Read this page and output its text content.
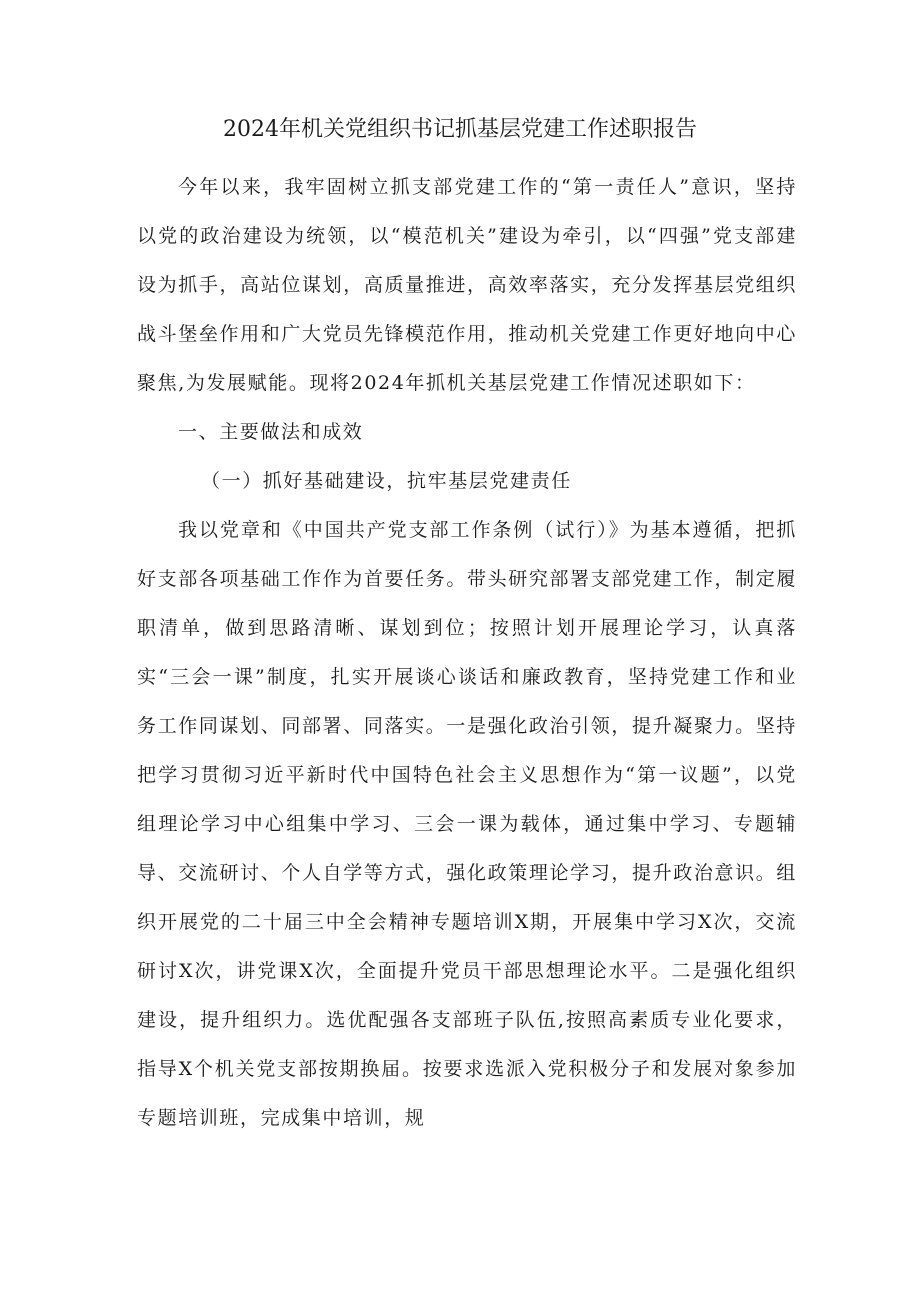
2024年机关党组织书记抓基层党建工作述职报告

今年以来，我牢固树立抓支部党建工作的“第一责任人”意识，坚持以党的政治建设为统领，以“模范机关”建设为牵引，以“四强”党支部建设为抓手，高站位谋划，高质量推进，高效率落实，充分发挥基层党组织战斗堡垒作用和广大党员先锋模范作用，推动机关党建工作更好地向中心聚焦,为发展赋能。现将2024年抓机关基层党建工作情况述职如下：

一、主要做法和成效

（一）抓好基础建设，抗牢基层党建责任

我以党章和《中国共产党支部工作条例（试行）》为基本遵循，把抓好支部各项基础工作作为首要任务。带头研究部署支部党建工作，制定履职清单，做到思路清晰、谋划到位；按照计划开展理论学习，认真落实“三会一课”制度，扎实开展谈心谈话和廉政教育，坚持党建工作和业务工作同谋划、同部署、同落实。一是强化政治引领，提升凝聚力。坚持把学习贯彻习近平新时代中国特色社会主义思想作为“第一议题”，以党组理论学习中心组集中学习、三会一课为载体，通过集中学习、专题辅导、交流研讨、个人自学等方式，强化政策理论学习，提升政治意识。组织开展党的二十届三中全会精神专题培训X期，开展集中学习X次，交流研讨X次，讲党课X次，全面提升党员干部思想理论水平。二是强化组织建设，提升组织力。选优配强各支部班子队伍,按照高素质专业化要求，指导X个机关党支部按期换届。按要求选派入党积极分子和发展对象参加专题培训班，完成集中培训，规
